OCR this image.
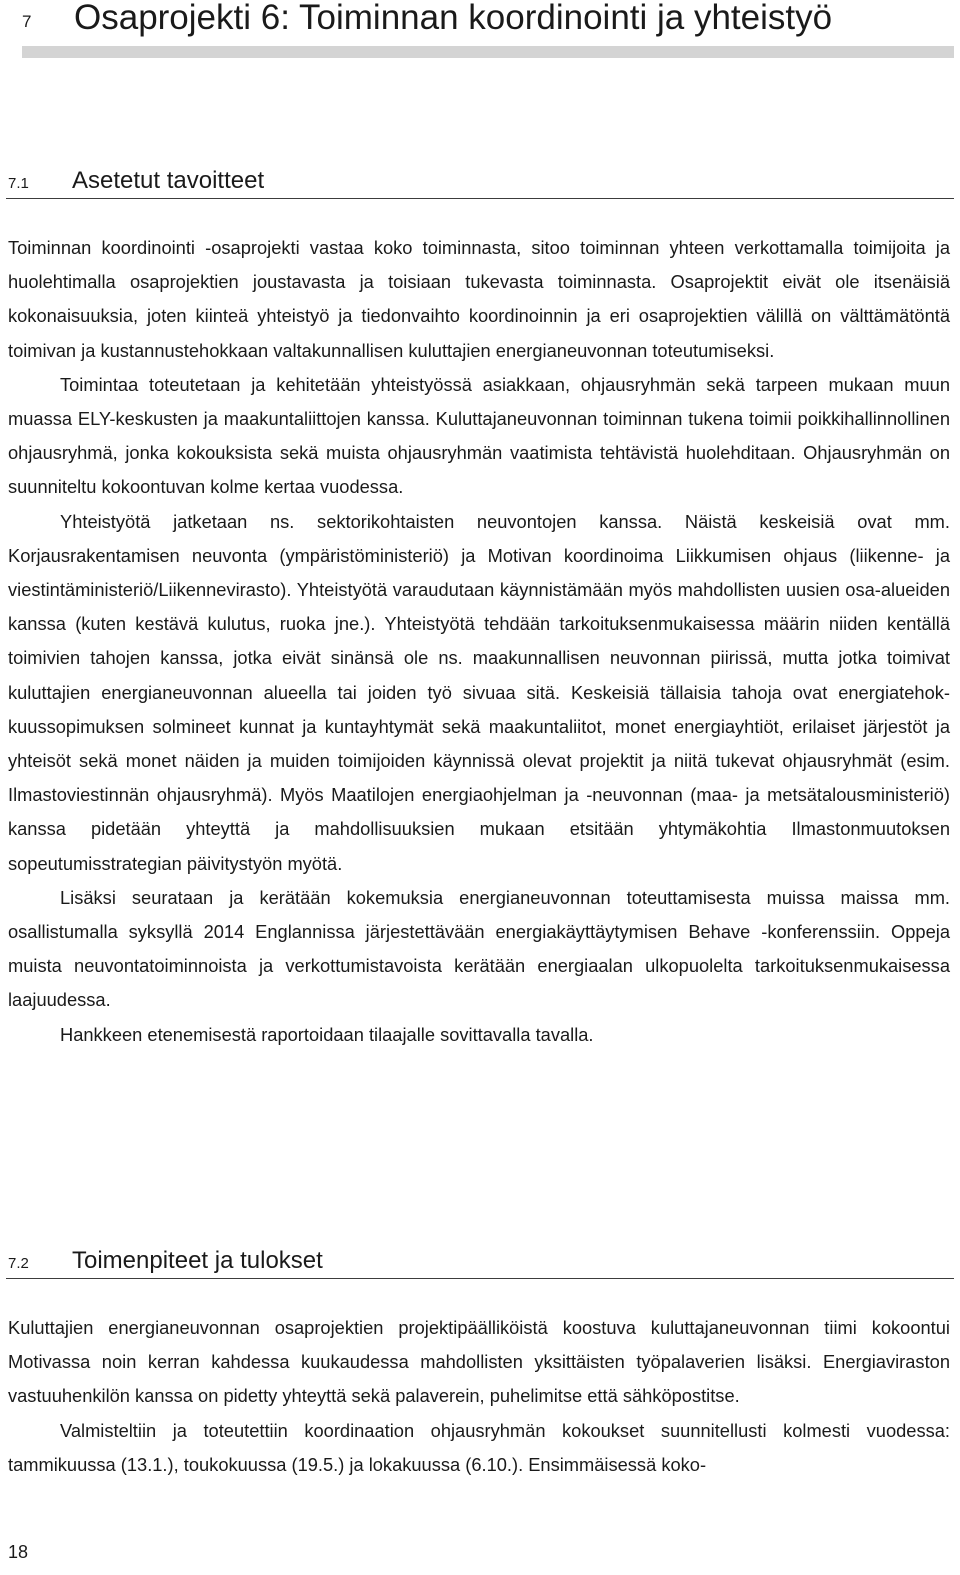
7 Osaprojekti 6: Toiminnan koordinointi ja yhteistyö
7.1 Asetetut tavoitteet

Toiminnan koordinointi -osaprojekti vastaa koko toiminnasta, sitoo toiminnan yhteen verkottamalla toimijoita ja huolehtimalla osaprojektien joustavasta ja toisiaan tukevasta toiminnasta. Osaprojektit eivät ole itsenäisiä kokonaisuuksia, joten kiinteä yhteistyö ja tiedonvaihto koordinoinnin ja eri osaprojektien välillä on välttämätöntä toimivan ja kustannustehokkaan valtakunnallisen kuluttajien energianeuvonnan toteutumiseksi.

Toimintaa toteutetaan ja kehitetään yhteistyössä asiakkaan, ohjausryhmän sekä tarpeen mukaan muun muassa ELY-keskusten ja maakuntaliittojen kanssa. Kuluttajaneuvonnan toiminnan tukena toimii poikkihallinnollinen ohjausryhmä, jonka kokouksista sekä muista ohjausryhmän vaatimista tehtävistä huolehditaan. Ohjausryhmän on suunniteltu kokoontuvan kolme kertaa vuodessa.

Yhteistyötä jatketaan ns. sektorikohtaisten neuvontojen kanssa. Näistä keskeisiä ovat mm. Korjausrakentamisen neuvonta (ympäristöministeriö) ja Motivan koordinoima Liikkumisen ohjaus (liikenne- ja viestintäministeriö/Liikennevirasto). Yhteistyötä varaudutaan käynnistämään myös mahdollisten uusien osa-alueiden kanssa (kuten kestävä kulutus, ruoka jne.). Yhteistyötä tehdään tarkoituksenmukaisessa määrin niiden kentällä toimivien tahojen kanssa, jotka eivät sinänsä ole ns. maakunnallisen neuvonnan piirissä, mutta jotka toimivat kuluttajien energianeuvonnan alueella tai joiden työ sivuaa sitä. Keskeisiä tällaisia tahoja ovat energiatehokkuussopimuksen solmineet kunnat ja kuntayhtymät sekä maakuntaliitot, monet energiayhtiöt, erilaiset järjestöt ja yhteisöt sekä monet näiden ja muiden toimijoiden käynnissä olevat projektit ja niitä tukevat ohjausryhmät (esim. Ilmastoviestinnän ohjausryhmä). Myös Maatilojen energiaohjelman ja -neuvonnan (maa- ja metsätalousministeriö) kanssa pidetään yhteyttä ja mahdollisuuksien mukaan etsitään yhtymäkohtia Ilmastonmuutoksen sopeutumisstrategian päivitystyön myötä.

Lisäksi seurataan ja kerätään kokemuksia energianeuvonnan toteuttamisesta muissa maissa mm. osallistumalla syksyllä 2014 Englannissa järjestettävään energiakäyttäytymisen Behave -konferenssiin. Oppeja muista neuvontatoiminnoista ja verkottumistavoista kerätään energiaalan ulkopuolelta tarkoituksenmukaisessa laajuudessa.

Hankkeen etenemisestä raportoidaan tilaajalle sovittavalla tavalla.

7.2 Toimenpiteet ja tulokset

Kuluttajien energianeuvonnan osaprojektien projektipäälliköistä koostuva kuluttajaneuvonnan tiimi kokoontui Motivassa noin kerran kahdessa kuukaudessa mahdollisten yksittäisten työpalaverien lisäksi. Energiaviraston vastuuhenkilön kanssa on pidetty yhteyttä sekä palaverein, puhelimitse että sähköpostitse.

Valmisteltiin ja toteutettiin koordinaation ohjausryhmän kokoukset suunnitellusti kolmesti vuodessa: tammikuussa (13.1.), toukokuussa (19.5.) ja lokakuussa (6.10.). Ensimmäisessä koko-

18
